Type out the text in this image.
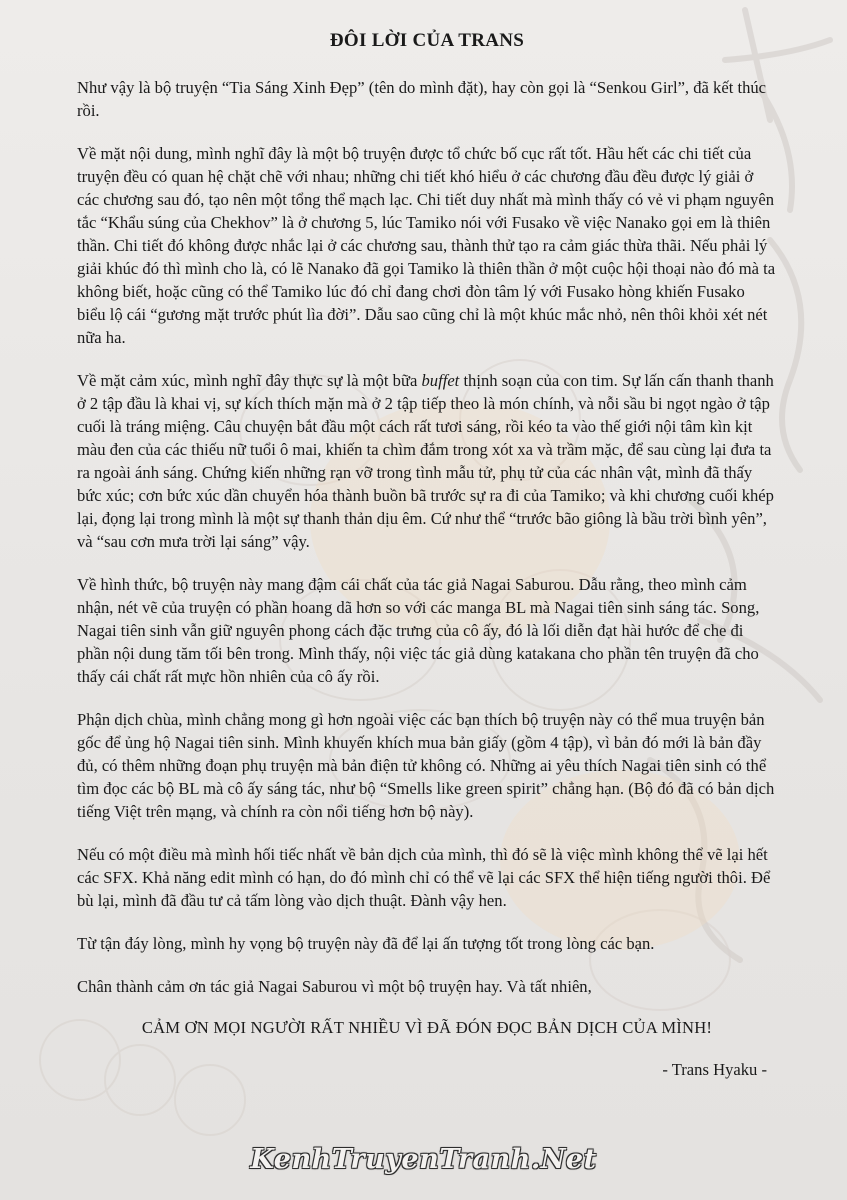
ĐÔI LỜI CỦA TRANS

Như vậy là bộ truyện “Tia Sáng Xinh Đẹp” (tên do mình đặt), hay còn gọi là “Senkou Girl”, đã kết thúc rồi.

Về mặt nội dung, mình nghĩ đây là một bộ truyện được tổ chức bố cục rất tốt. Hầu hết các chi tiết của truyện đều có quan hệ chặt chẽ với nhau; những chi tiết khó hiểu ở các chương đầu đều được lý giải ở các chương sau đó, tạo nên một tổng thể mạch lạc. Chi tiết duy nhất mà mình thấy có vẻ vi phạm nguyên tắc “Khẩu súng của Chekhov” là ở chương 5, lúc Tamiko nói với Fusako về việc Nanako gọi em là thiên thần. Chi tiết đó không được nhắc lại ở các chương sau, thành thử tạo ra cảm giác thừa thãi. Nếu phải lý giải khúc đó thì mình cho là, có lẽ Nanako đã gọi Tamiko là thiên thần ở một cuộc hội thoại nào đó mà ta không biết, hoặc cũng có thể Tamiko lúc đó chỉ đang chơi đòn tâm lý với Fusako hòng khiến Fusako biểu lộ cái “gương mặt trước phút lìa đời”. Dẫu sao cũng chỉ là một khúc mắc nhỏ, nên thôi khỏi xét nét nữa ha.

Về mặt cảm xúc, mình nghĩ đây thực sự là một bữa buffet thịnh soạn của con tim. Sự lấn cấn thanh thanh ở 2 tập đầu là khai vị, sự kích thích mặn mà ở 2 tập tiếp theo là món chính, và nỗi sầu bi ngọt ngào ở tập cuối là tráng miệng. Câu chuyện bắt đầu một cách rất tươi sáng, rồi kéo ta vào thế giới nội tâm kìn kịt màu đen của các thiếu nữ tuổi ô mai, khiến ta chìm đắm trong xót xa và trầm mặc, để sau cùng lại đưa ta ra ngoài ánh sáng. Chứng kiến những rạn vỡ trong tình mẫu tử, phụ tử của các nhân vật, mình đã thấy bức xúc; cơn bức xúc dần chuyển hóa thành buồn bã trước sự ra đi của Tamiko; và khi chương cuối khép lại, đọng lại trong mình là một sự thanh thản dịu êm. Cứ như thể “trước bão giông là bầu trời bình yên”, và “sau cơn mưa trời lại sáng” vậy.

Về hình thức, bộ truyện này mang đậm cái chất của tác giả Nagai Saburou. Dẫu rằng, theo mình cảm nhận, nét vẽ của truyện có phần hoang dã hơn so với các manga BL mà Nagai tiên sinh sáng tác. Song, Nagai tiên sinh vẫn giữ nguyên phong cách đặc trưng của cô ấy, đó là lối diễn đạt hài hước để che đi phần nội dung tăm tối bên trong. Mình thấy, nội việc tác giả dùng katakana cho phần tên truyện đã cho thấy cái chất rất mực hồn nhiên của cô ấy rồi.

Phận dịch chùa, mình chẳng mong gì hơn ngoài việc các bạn thích bộ truyện này có thể mua truyện bản gốc để ủng hộ Nagai tiên sinh. Mình khuyến khích mua bản giấy (gồm 4 tập), vì bản đó mới là bản đầy đủ, có thêm những đoạn phụ truyện mà bản điện tử không có. Những ai yêu thích Nagai tiên sinh có thể tìm đọc các bộ BL mà cô ấy sáng tác, như bộ “Smells like green spirit” chẳng hạn. (Bộ đó đã có bản dịch tiếng Việt trên mạng, và chính ra còn nổi tiếng hơn bộ này).

Nếu có một điều mà mình hối tiếc nhất về bản dịch của mình, thì đó sẽ là việc mình không thể vẽ lại hết các SFX. Khả năng edit mình có hạn, do đó mình chỉ có thể vẽ lại các SFX thể hiện tiếng người thôi. Để bù lại, mình đã đầu tư cả tấm lòng vào dịch thuật. Đành vậy hen.

Từ tận đáy lòng, mình hy vọng bộ truyện này đã để lại ấn tượng tốt trong lòng các bạn.

Chân thành cảm ơn tác giả Nagai Saburou vì một bộ truyện hay. Và tất nhiên,

CẢM ƠN MỌI NGƯỜI RẤT NHIỀU VÌ ĐÃ ĐÓN ĐỌC BẢN DỊCH CỦA MÌNH!

- Trans Hyaku -

KenhTruyenTranh.Net
